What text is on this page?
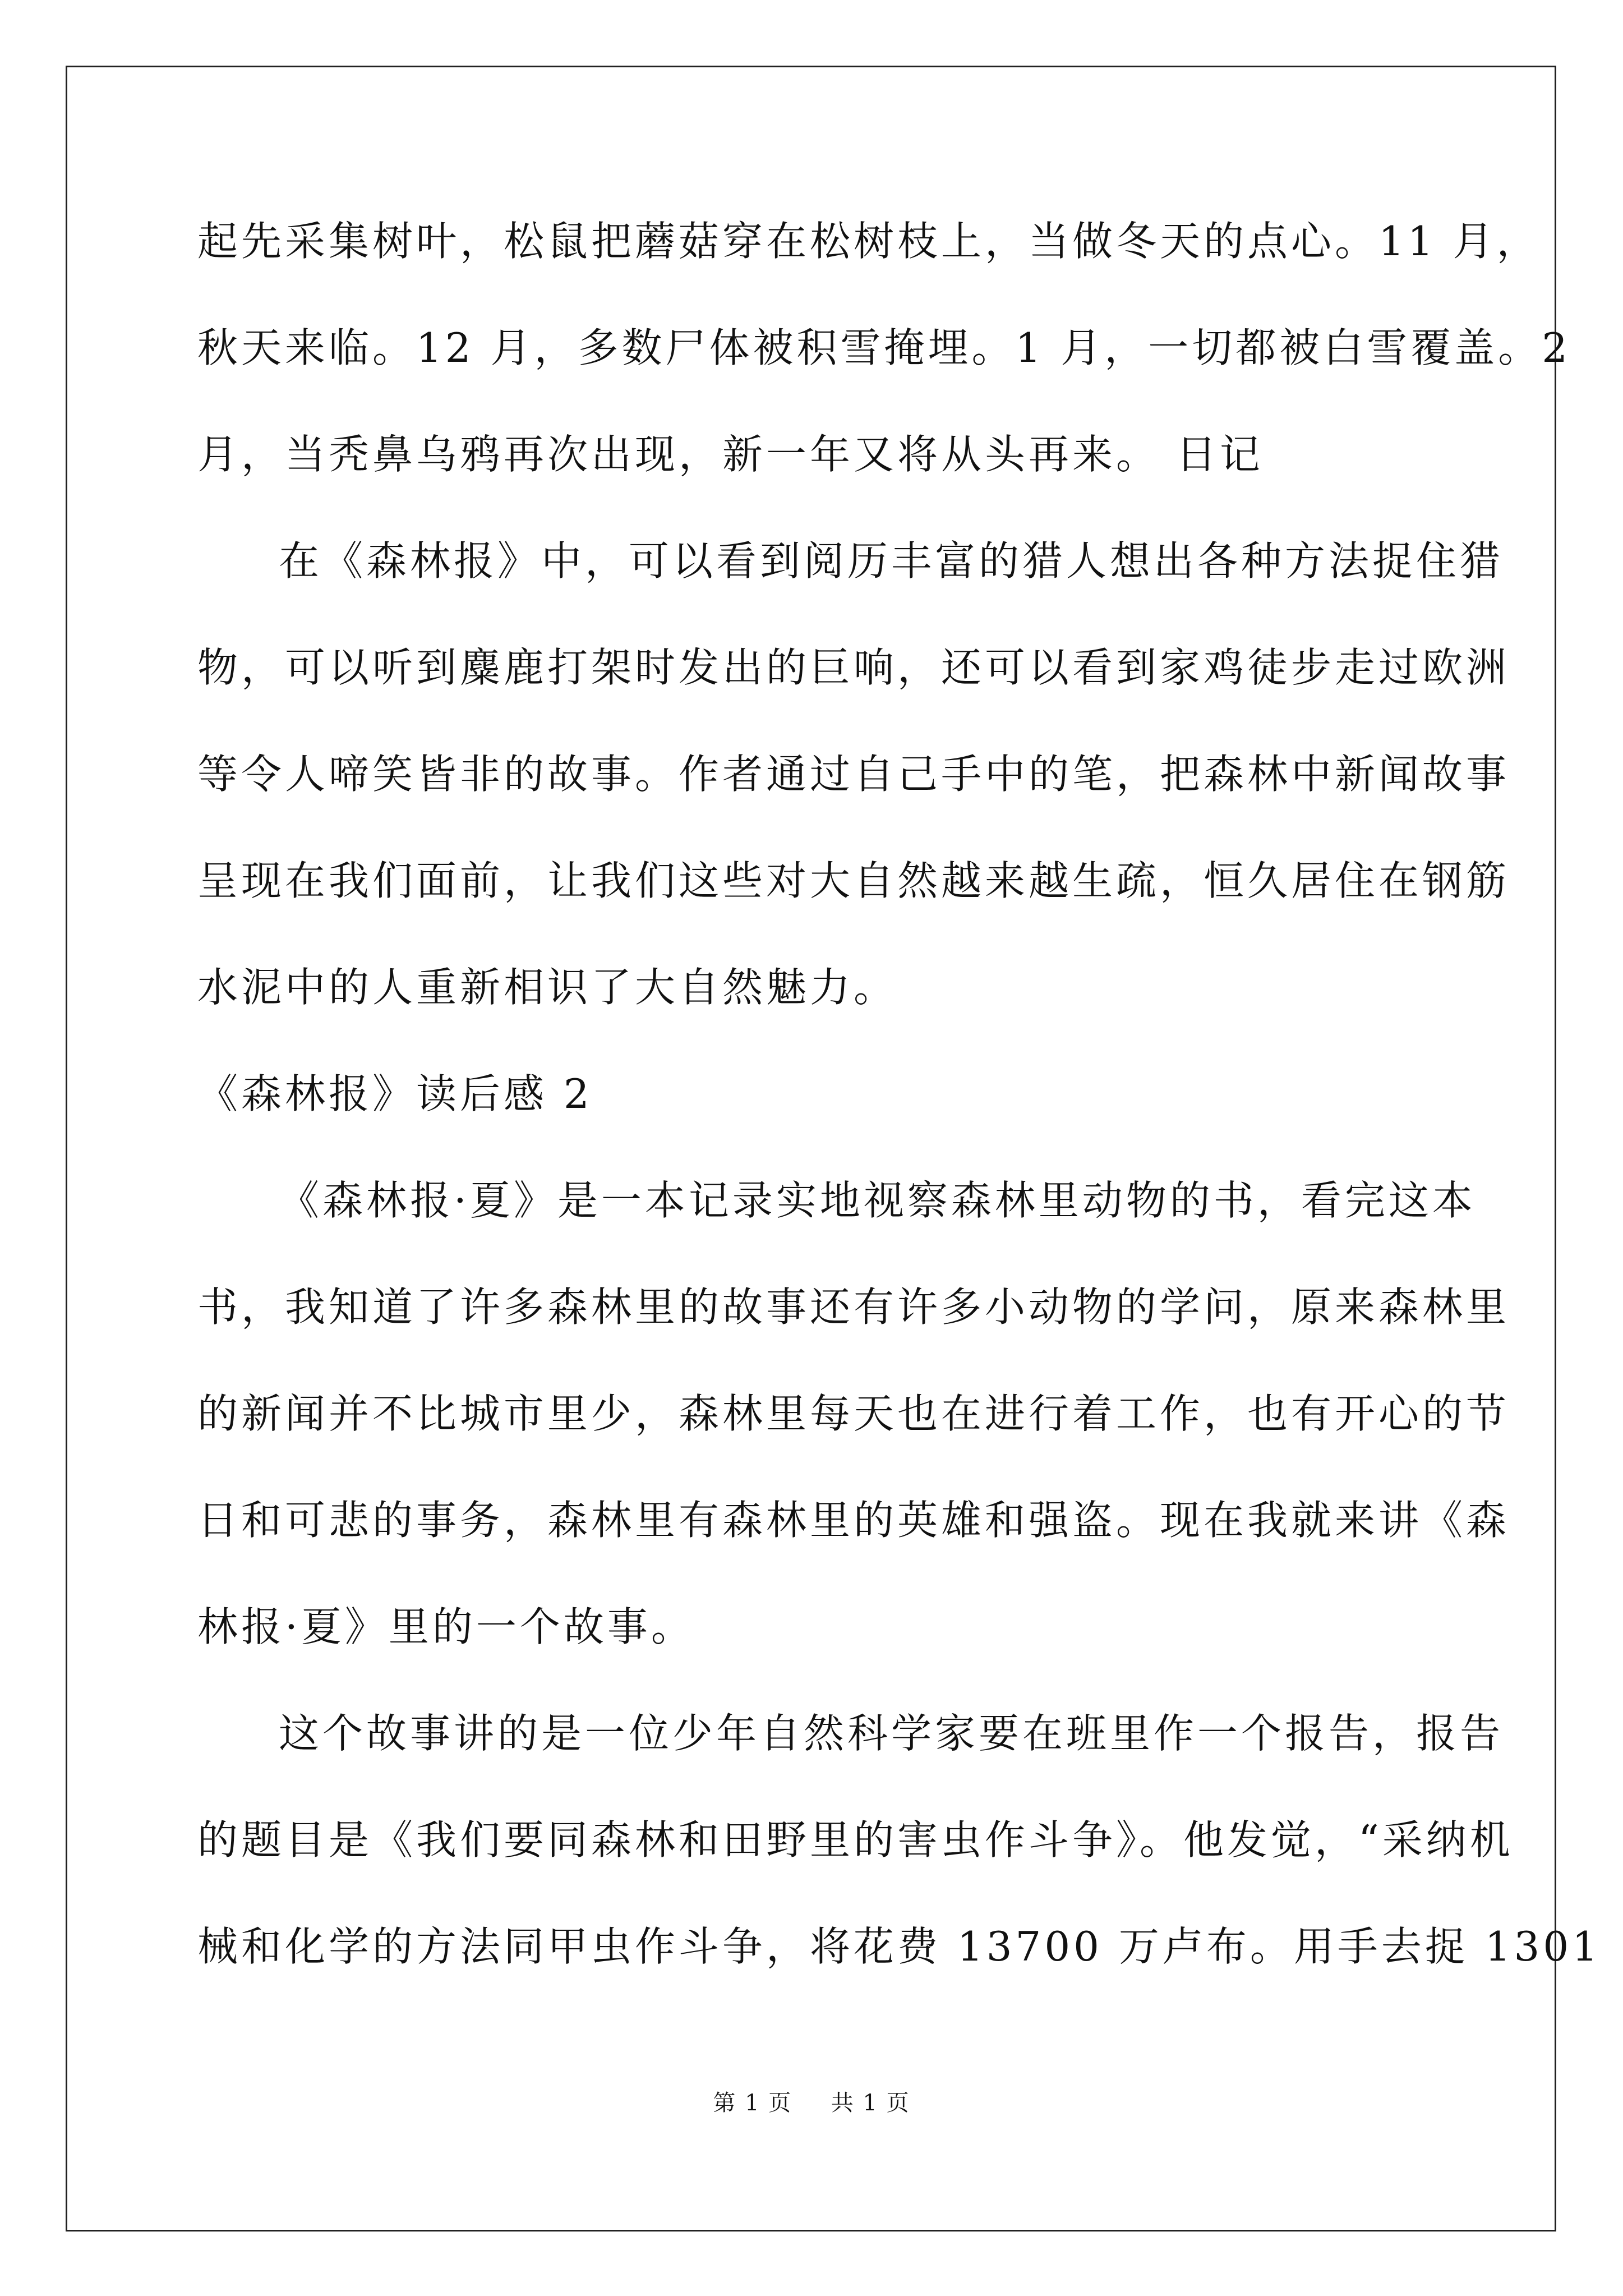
起先采集树叶，松鼠把蘑菇穿在松树枝上，当做冬天的点心。11 月，
秋天来临。12 月，多数尸体被积雪掩埋。1 月，一切都被白雪覆盖。2
月，当秃鼻乌鸦再次出现，新一年又将从头再来。 日记
在《森林报》中，可以看到阅历丰富的猎人想出各种方法捉住猎
物，可以听到麋鹿打架时发出的巨响，还可以看到家鸡徒步走过欧洲
等令人啼笑皆非的故事。作者通过自己手中的笔，把森林中新闻故事
呈现在我们面前，让我们这些对大自然越来越生疏，恒久居住在钢筋
水泥中的人重新相识了大自然魅力。
《森林报》读后感 2
《森林报·夏》是一本记录实地视察森林里动物的书，看完这本
书，我知道了许多森林里的故事还有许多小动物的学问，原来森林里
的新闻并不比城市里少，森林里每天也在进行着工作，也有开心的节
日和可悲的事务，森林里有森林里的英雄和强盗。现在我就来讲《森
林报·夏》里的一个故事。
这个故事讲的是一位少年自然科学家要在班里作一个报告，报告
的题目是《我们要同森林和田野里的害虫作斗争》。他发觉，“采纳机
械和化学的方法同甲虫作斗争，将花费 13700 万卢布。用手去捉 1301
第 1 页 共 1 页
